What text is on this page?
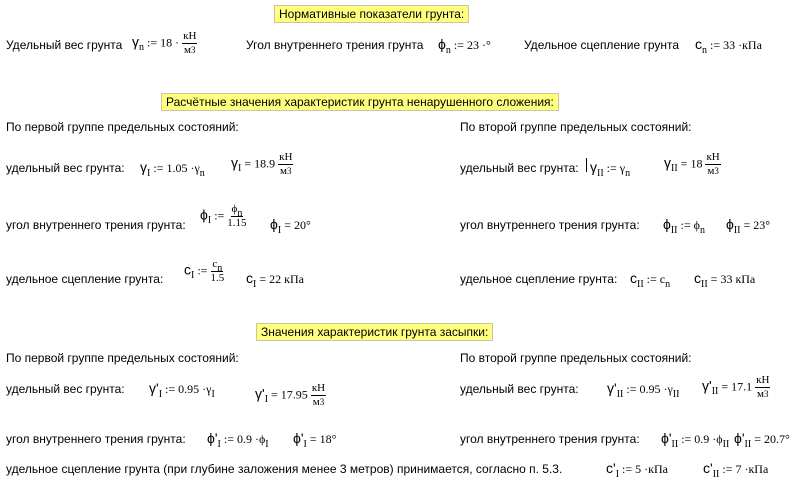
Нормативные показатели грунта:
Удельный вес грунта $\gamma_n$ := $18 \cdot \frac{кН}{м^3}$	Угол внутреннего трения грунта $\phi_n$ := 23 ·°	Удельное сцепление грунта $c_n$ := 33 ·кПа
Расчётные значения характеристик грунта ненарушенного сложения:
По первой группе предельных состояний:	По второй группе предельных состояний:
удельный вес грунта: $\gamma_I$ := $1.05 \cdot\gamma_n$
$\gamma_I = 18.9 \frac{кН}{м^3}$	удельный вес грунта: $\gamma_{II}$ := $\gamma_n$
$\gamma_{II} = 18 \frac{кН}{м^3}$
угол внутреннего трения грунта:
$\phi_I$ := $\frac{\phi n}{1.15} \phi_I = 20^\circ$	угол внутреннего трения грунта: $\phi_{II}$ := $\phi_n$ $\phi_{II} = 23^\circ$
удельное сцепление грунта:
$c_I$ := $\frac{cn}{1.5} c_I = 22$ кПа	удельное сцепление грунта: $c_{II}$ := $c_n$ $c_{II} = 33$ кПа
Значения характеристик грунта засыпки:
По первой группе предельных состояний:	По второй группе предельных состояний:
удельный вес грунта: $\gamma'_I$ := $0.95 \cdot\gamma_I$	$\gamma'_I = 17.95 \frac{кН}{м^3}$	удельный вес грунта: $\gamma'_{II}$ := $0.95 \cdot\gamma_{II}$
$\gamma'_{II} = 17.1 \frac{кН}{м^3}$
угол внутреннего трения грунта: $\phi'_I$ := $0.9 \cdot\phi_I$ $\phi'_I = 18^\circ$	угол внутреннего трения грунта: $\phi'_{II}$ := $0.9 \cdot\phi_{II}$ $\phi'_{II} = 20.7^\circ$
удельное сцепление грунта (при глубине заложения менее 3 метров) принимается, согласно п. 5.3.	$c'_I$ := 5 ·кПа	$c'_{II}$ := 7 ·кПа
